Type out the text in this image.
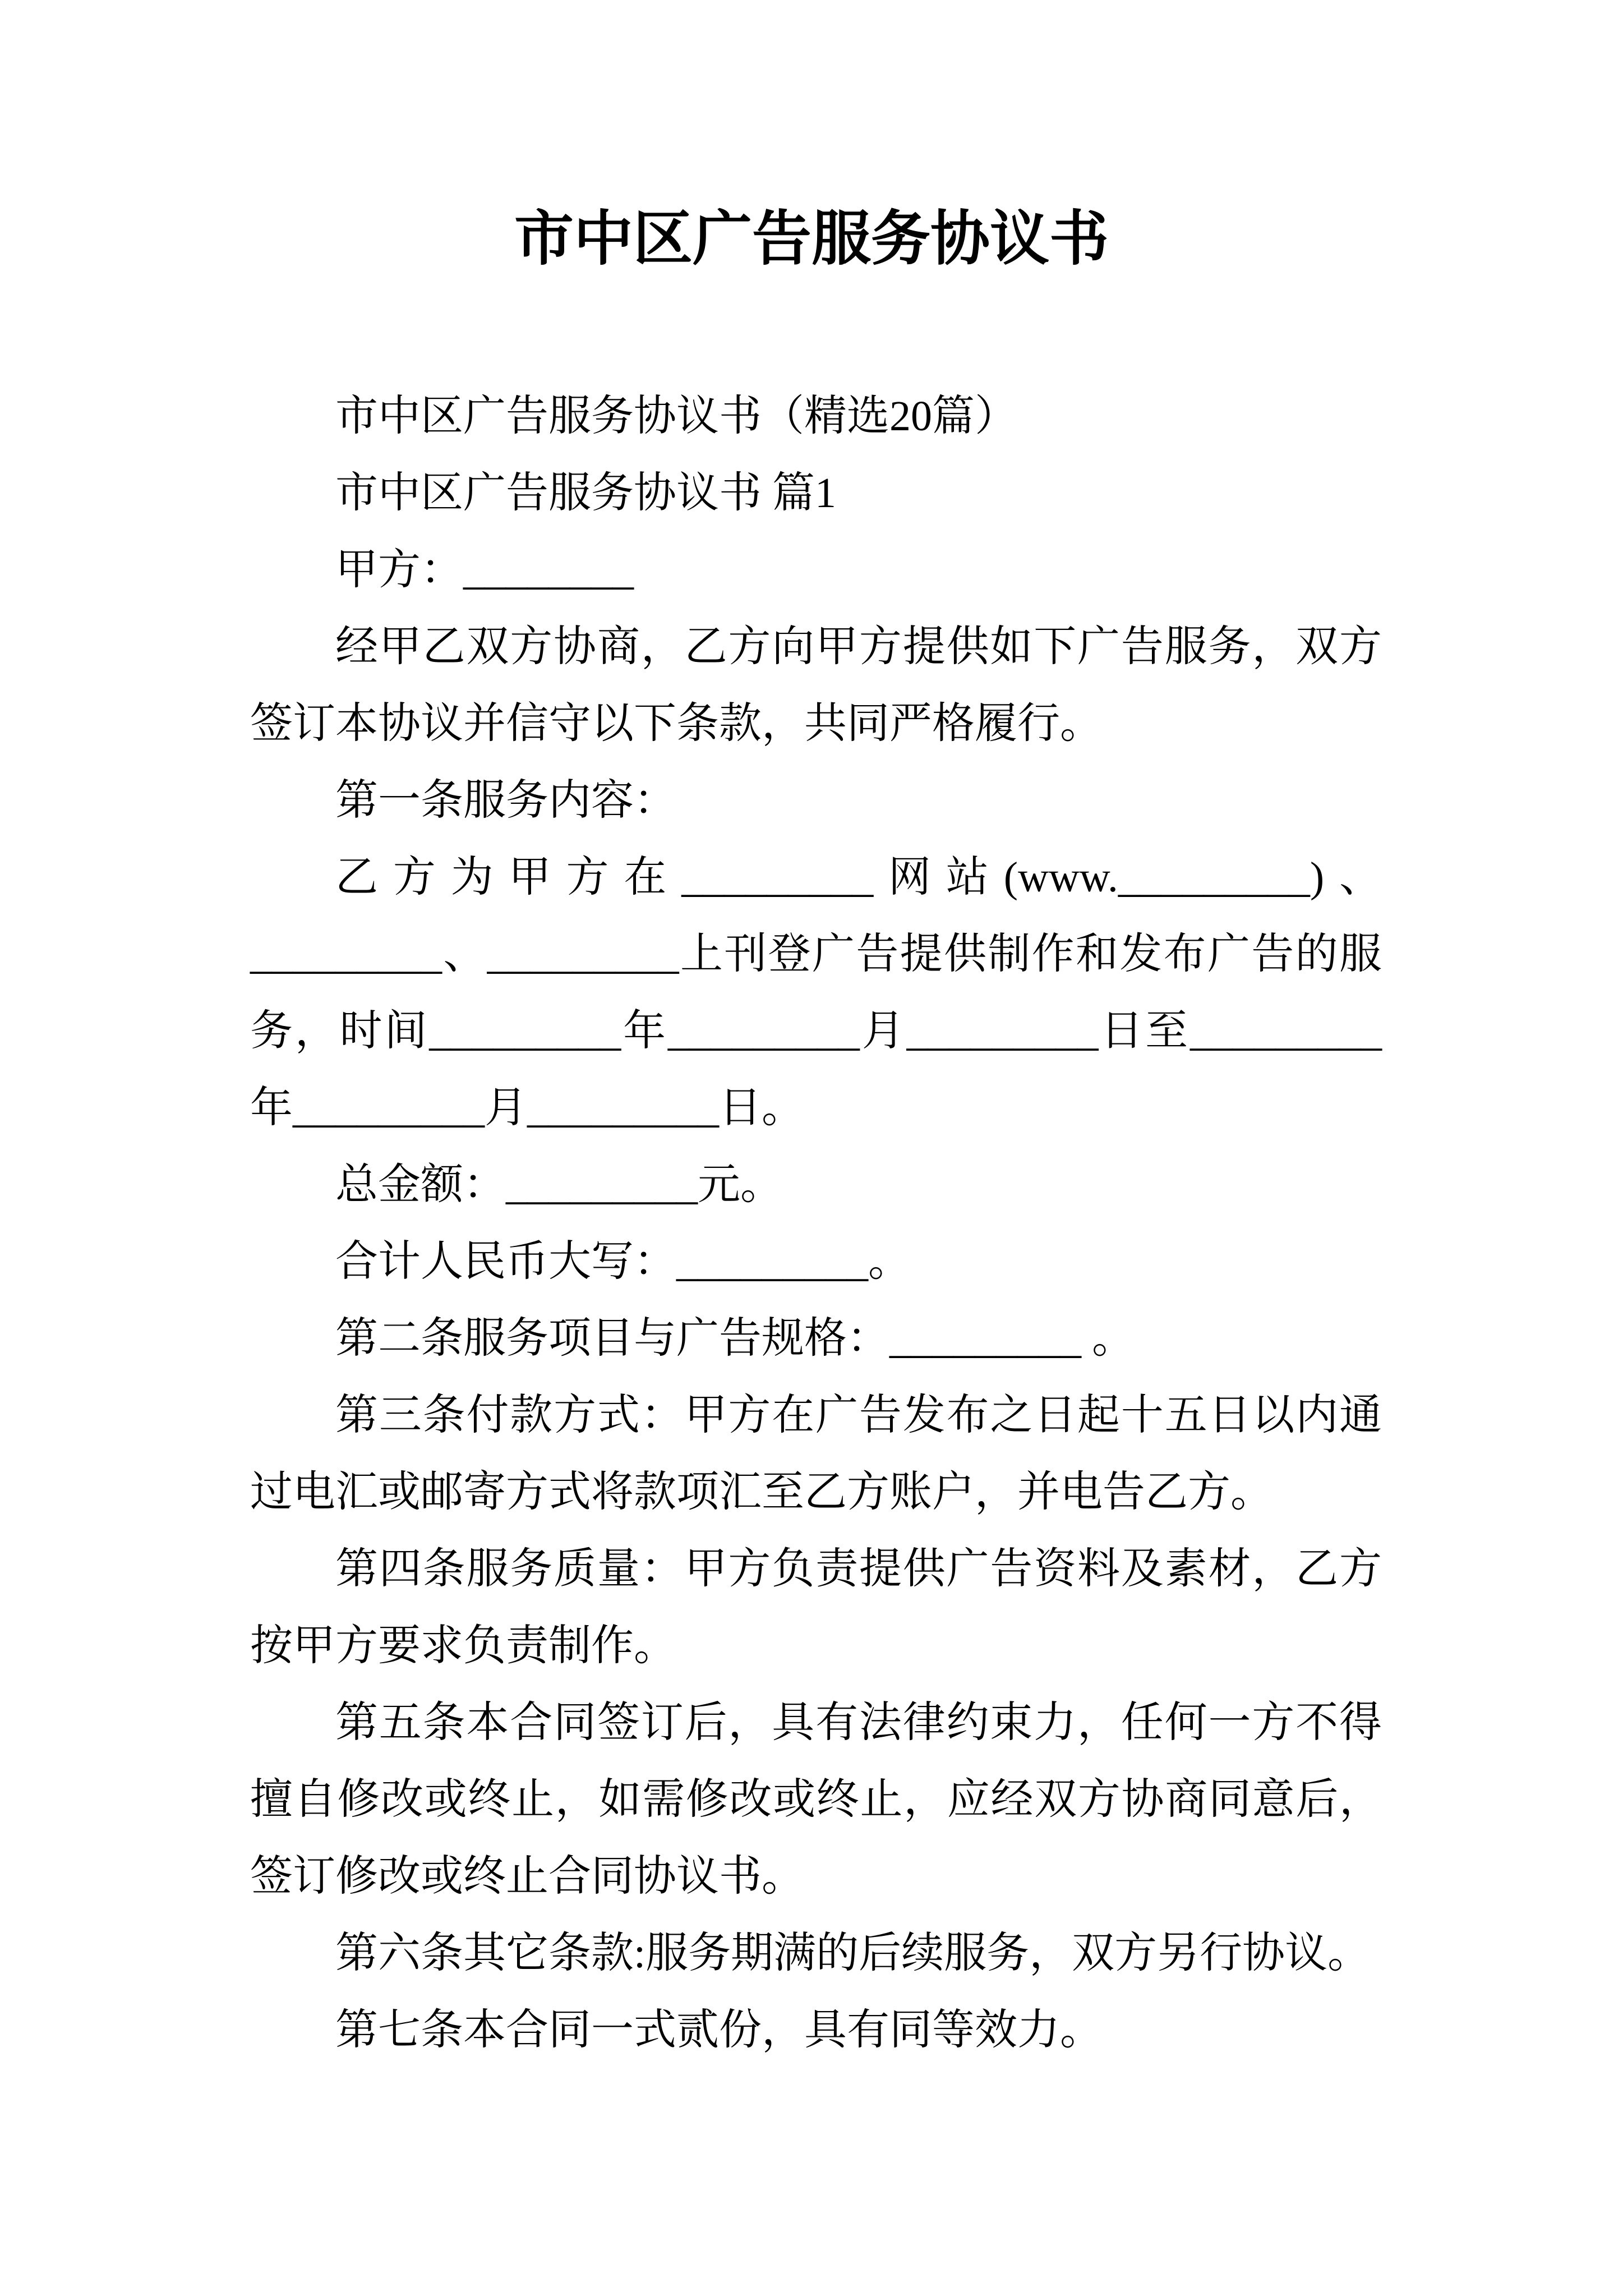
市中区广告服务协议书

市中区广告服务协议书（精选20篇）

市中区广告服务协议书 篇1

甲方：________

经甲乙双方协商，乙方向甲方提供如下广告服务，双方签订本协议并信守以下条款，共同严格履行。

第一条服务内容：

乙方为甲方在_________网站(www._________)、_________、_________上刊登广告提供制作和发布广告的服务，时间_________年_________月_________日至_________年_________月_________日。

总金额：_________元。

合计人民币大写：_________。

第二条服务项目与广告规格：_________ 。

第三条付款方式：甲方在广告发布之日起十五日以内通过电汇或邮寄方式将款项汇至乙方账户，并电告乙方。

第四条服务质量：甲方负责提供广告资料及素材，乙方按甲方要求负责制作。

第五条本合同签订后，具有法律约束力，任何一方不得擅自修改或终止，如需修改或终止，应经双方协商同意后，签订修改或终止合同协议书。

第六条其它条款:服务期满的后续服务，双方另行协议。

第七条本合同一式贰份，具有同等效力。
